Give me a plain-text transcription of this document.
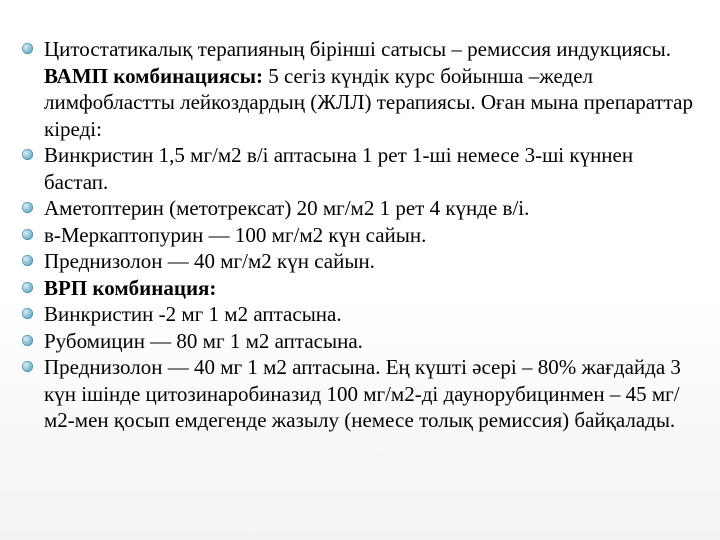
Цитостатикалық терапияның бірінші сатысы – ремиссия индукциясы. ВАМП комбинациясы: 5 сегіз күндік курс бойынша –жедел лимфобластты лейкоздардың (ЖЛЛ) терапиясы. Оған мына препараттар кіреді:
Винкристин 1,5 мг/м2 в/і аптасына 1 рет 1-ші немесе 3-ші күннен бастап.
Аметоптерин (метотрексат) 20 мг/м2 1 рет 4 күнде в/і.
в-Меркаптопурин — 100 мг/м2 күн сайын.
Преднизолон — 40 мг/м2 күн сайын.
ВРП комбинация:
Винкристин -2 мг 1 м2 аптасына.
Рубомицин — 80 мг 1 м2 аптасына.
Преднизолон — 40 мг 1 м2 аптасына. Ең күшті әсері – 80% жағдайда 3 күн ішінде цитозинаробиназид 100 мг/м2-ді даунорубицинмен – 45 мг/м2-мен қосып емдегенде жазылу (немесе толық ремиссия) байқалады.
